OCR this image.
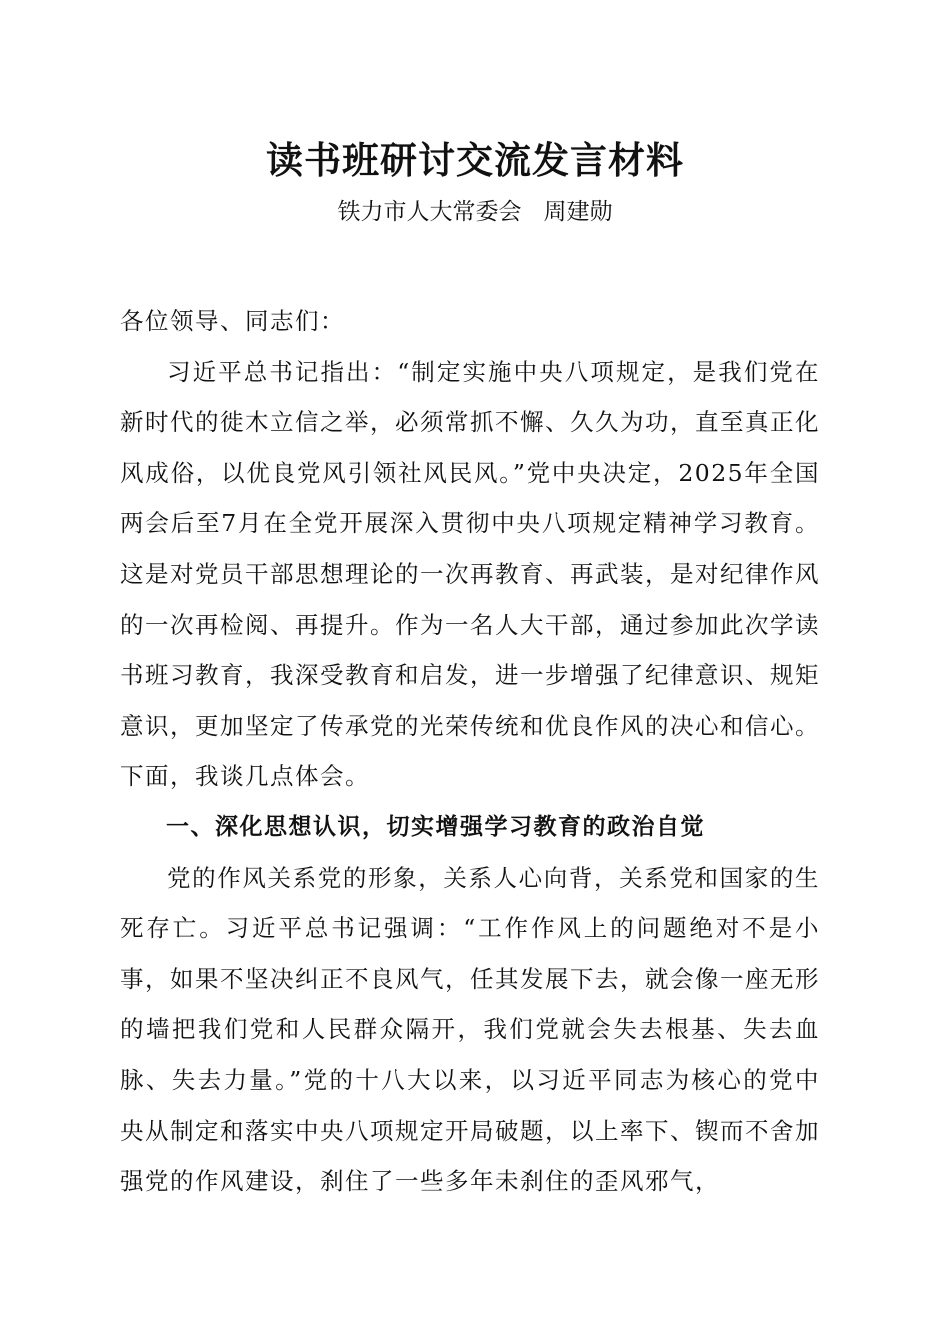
读书班研讨交流发言材料
铁力市人大常委会   周建勋

各位领导、同志们：

习近平总书记指出：“制定实施中央八项规定，是我们党在新时代的徙木立信之举，必须常抓不懈、久久为功，直至真正化风成俗，以优良党风引领社风民风。”党中央决定，2025年全国两会后至7月在全党开展深入贯彻中央八项规定精神学习教育。这是对党员干部思想理论的一次再教育、再武装，是对纪律作风的一次再检阅、再提升。作为一名人大干部，通过参加此次学读书班习教育，我深受教育和启发，进一步增强了纪律意识、规矩意识，更加坚定了传承党的光荣传统和优良作风的决心和信心。下面，我谈几点体会。

一、深化思想认识，切实增强学习教育的政治自觉

党的作风关系党的形象，关系人心向背，关系党和国家的生死存亡。习近平总书记强调：“工作作风上的问题绝对不是小事，如果不坚决纠正不良风气，任其发展下去，就会像一座无形的墙把我们党和人民群众隔开，我们党就会失去根基、失去血脉、失去力量。”党的十八大以来，以习近平同志为核心的党中央从制定和落实中央八项规定开局破题，以上率下、锲而不舍加强党的作风建设，刹住了一些多年未刹住的歪风邪气，
